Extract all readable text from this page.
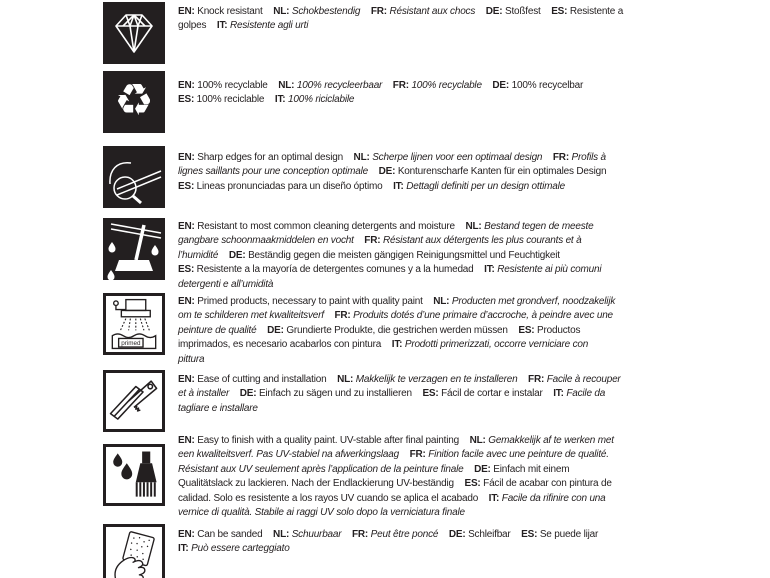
EN: Knock resistant NL: Schokbestendig FR: Résistant aux chocs DE: Stoßfest ES: Resistente a golpes IT: Resistente agli urti

♻	EN: 100% recyclable NL: 100% recycleerbaar FR: 100% recyclable DE: 100% recycelbar ES: 100% reciclable IT: 100% riciclabile

EN: Sharp edges for an optimal design NL: Scherpe lijnen voor een optimaal design FR: Profils à lignes saillants pour une conception optimale DE: Konturenscharfe Kanten für ein optimales Design ES: Lineas pronunciadas para un diseño óptimo IT: Dettagli definiti per un design ottimale

EN: Resistant to most common cleaning detergents and moisture NL: Bestand tegen de meeste gangbare schoonmaakmiddelen en vocht FR: Résistant aux détergents les plus courants et à l’humidité DE: Beständig gegen die meisten gängigen Reinigungsmittel und Feuchtigkeit ES: Resistente a la mayoría de detergentes comunes y a la humedad IT: Resistente ai più comuni detergenti e all’umidità

primed

EN: Primed products, necessary to paint with quality paint NL: Producten met grondverf, noodzakelijk om te schilderen met kwaliteitsverf FR: Produits dotés d’une primaire d’accroche, à peindre avec une peinture de qualité DE: Grundierte Produkte, die gestrichen werden müssen ES: Productos imprimados, es necesario acabarlos con pintura IT: Prodotti primerizzati, occorre verniciare con pittura

EN: Ease of cutting and installation NL: Makkelijk te verzagen en te installeren FR: Facile à recouper et à installer DE: Einfach zu sägen und zu installieren ES: Fácil de cortar e instalar IT: Facile da tagliare e installare

EN: Easy to finish with a quality paint. UV-stable after final painting NL: Gemakkelijk af te werken met een kwaliteitsverf. Pas UV-stabiel na afwerkingslaag FR: Finition facile avec une peinture de qualité. Résistant aux UV seulement après l’application de la peinture finale DE: Einfach mit einem Qualitätslack zu lackieren. Nach der Endlackierung UV-beständig ES: Fácil de acabar con pintura de calidad. Solo es resistente a los rayos UV cuando se aplica el acabado IT: Facile da rifinire con una vernice di qualità. Stabile ai raggi UV solo dopo la verniciatura finale

EN: Can be sanded NL: Schuurbaar FR: Peut être poncé DE: Schleifbar ES: Se puede lijar IT: Può essere carteggiato
